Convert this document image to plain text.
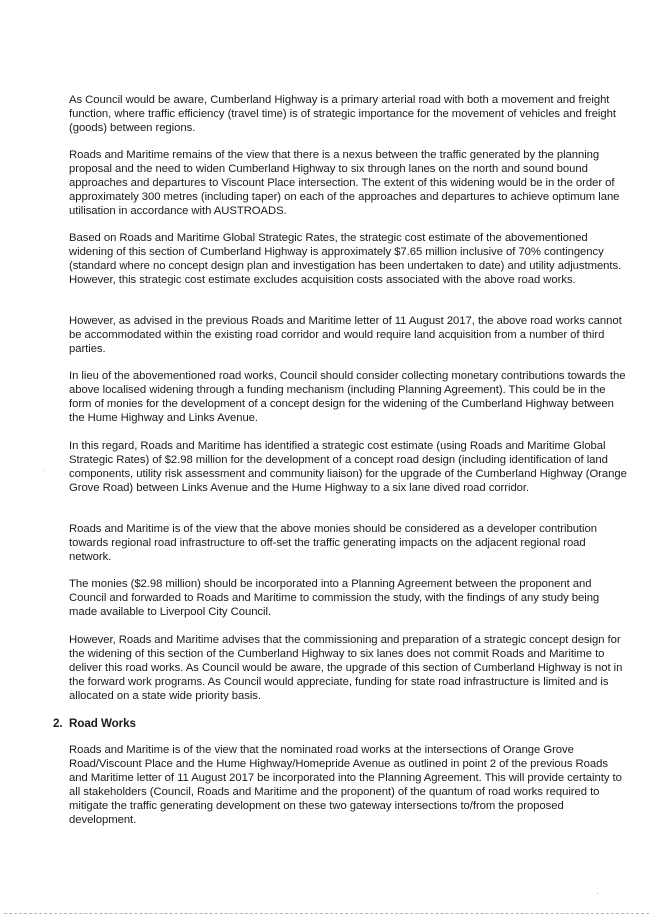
As Council would be aware, Cumberland Highway is a primary arterial road with both a movement and freight function, where traffic efficiency (travel time) is of strategic importance for the movement of vehicles and freight (goods) between regions.

Roads and Maritime remains of the view that there is a nexus between the traffic generated by the planning proposal and the need to widen Cumberland Highway to six through lanes on the north and sound bound approaches and departures to Viscount Place intersection. The extent of this widening would be in the order of approximately 300 metres (including taper) on each of the approaches and departures to achieve optimum lane utilisation in accordance with AUSTROADS.

Based on Roads and Maritime Global Strategic Rates, the strategic cost estimate of the abovementioned widening of this section of Cumberland Highway is approximately $7.65 million inclusive of 70% contingency (standard where no concept design plan and investigation has been undertaken to date) and utility adjustments. However, this strategic cost estimate excludes acquisition costs associated with the above road works.

However, as advised in the previous Roads and Maritime letter of 11 August 2017, the above road works cannot be accommodated within the existing road corridor and would require land acquisition from a number of third parties.

In lieu of the abovementioned road works, Council should consider collecting monetary contributions towards the above localised widening through a funding mechanism (including Planning Agreement). This could be in the form of monies for the development of a concept design for the widening of the Cumberland Highway between the Hume Highway and Links Avenue.

In this regard, Roads and Maritime has identified a strategic cost estimate (using Roads and Maritime Global Strategic Rates) of $2.98 million for the development of a concept road design (including identification of land components, utility risk assessment and community liaison) for the upgrade of the Cumberland Highway (Orange Grove Road) between Links Avenue and the Hume Highway to a six lane dived road corridor.

Roads and Maritime is of the view that the above monies should be considered as a developer contribution towards regional road infrastructure to off-set the traffic generating impacts on the adjacent regional road network.

The monies ($2.98 million) should be incorporated into a Planning Agreement between the proponent and Council and forwarded to Roads and Maritime to commission the study, with the findings of any study being made available to Liverpool City Council.

However, Roads and Maritime advises that the commissioning and preparation of a strategic concept design for the widening of this section of the Cumberland Highway to six lanes does not commit Roads and Maritime to deliver this road works. As Council would be aware, the upgrade of this section of Cumberland Highway is not in the forward work programs. As Council would appreciate, funding for state road infrastructure is limited and is allocated on a state wide priority basis.

2. Road Works

Roads and Maritime is of the view that the nominated road works at the intersections of Orange Grove Road/Viscount Place and the Hume Highway/Homepride Avenue as outlined in point 2 of the previous Roads and Maritime letter of 11 August 2017 be incorporated into the Planning Agreement. This will provide certainty to all stakeholders (Council, Roads and Maritime and the proponent) of the quantum of road works required to mitigate the traffic generating development on these two gateway intersections to/from the proposed development.

·
·
